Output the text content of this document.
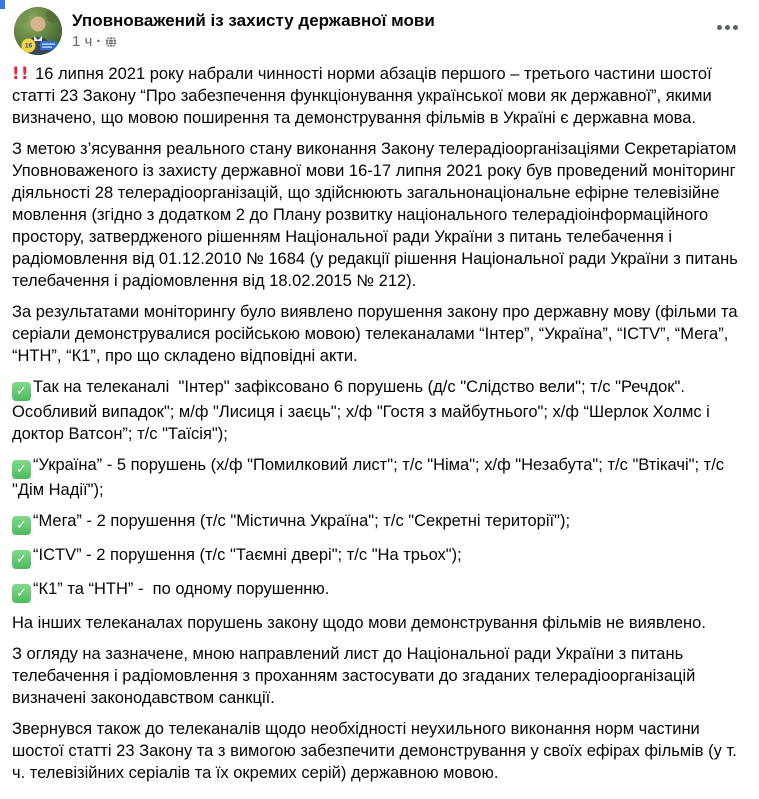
16
Уповноважений із захисту державної мови
1 ч ·
!! 16 липня 2021 року набрали чинності норми абзаців першого – третього частини шостої статті 23 Закону “Про забезпечення функціонування української мови як державної”, якими визначено, що мовою поширення та демонстрування фільмів в Україні є державна мова.
З метою з’ясування реального стану виконання Закону телерадіоорганізаціями Секретаріатом Уповноваженого із захисту державної мови 16-17 липня 2021 року був проведений моніторинг діяльності 28 телерадіоорганізацій, що здійснюють загальнонаціональне ефірне телевізійне мовлення (згідно з додатком 2 до Плану розвитку національного телерадіоінформаційного простору, затвердженого рішенням Національної ради України з питань телебачення і радіомовлення від 01.12.2010 № 1684 (у редакції рішення Національної ради України з питань телебачення і радіомовлення від 18.02.2015 № 212).
За результатами моніторингу було виявлено порушення закону про державну мову (фільми та серіали демонструвалися російською мовою) телеканалами “Інтер”, “Україна”, “ICTV”, “Мега”, “НТН”, “К1”, про що складено відповідні акти.
✓ Так на телеканалі  "Інтер" зафіксовано 6 порушень (д/с "Слідство вели"; т/с "Речдок". Особливий випадок"; м/ф "Лисиця і заєць"; х/ф "Гостя з майбутнього"; х/ф “Шерлок Холмс і доктор Ватсон”; т/с "Таїсія");
✓ “Україна” - 5 порушень (х/ф "Помилковий лист"; т/с "Німа"; х/ф "Незабута"; т/с "Втікачі"; т/с "Дім Надії");
✓ “Мега” - 2 порушення (т/с "Містична Україна"; т/с "Секретні території");
✓ “ICTV” - 2 порушення (т/с "Таємні двері"; т/с "На трьох");
✓ “К1” та “НТН” -  по одному порушенню.
На інших телеканалах порушень закону щодо мови демонстрування фільмів не виявлено.
З огляду на зазначене, мною направлений лист до Національної ради України з питань телебачення і радіомовлення з проханням застосувати до згаданих телерадіоорганізацій визначені законодавством санкції.
Звернувся також до телеканалів щодо необхідності неухильного виконання норм частини шостої статті 23 Закону та з вимогою забезпечити демонстрування у своїх ефірах фільмів (у т. ч. телевізійних серіалів та їх окремих серій) державною мовою.
